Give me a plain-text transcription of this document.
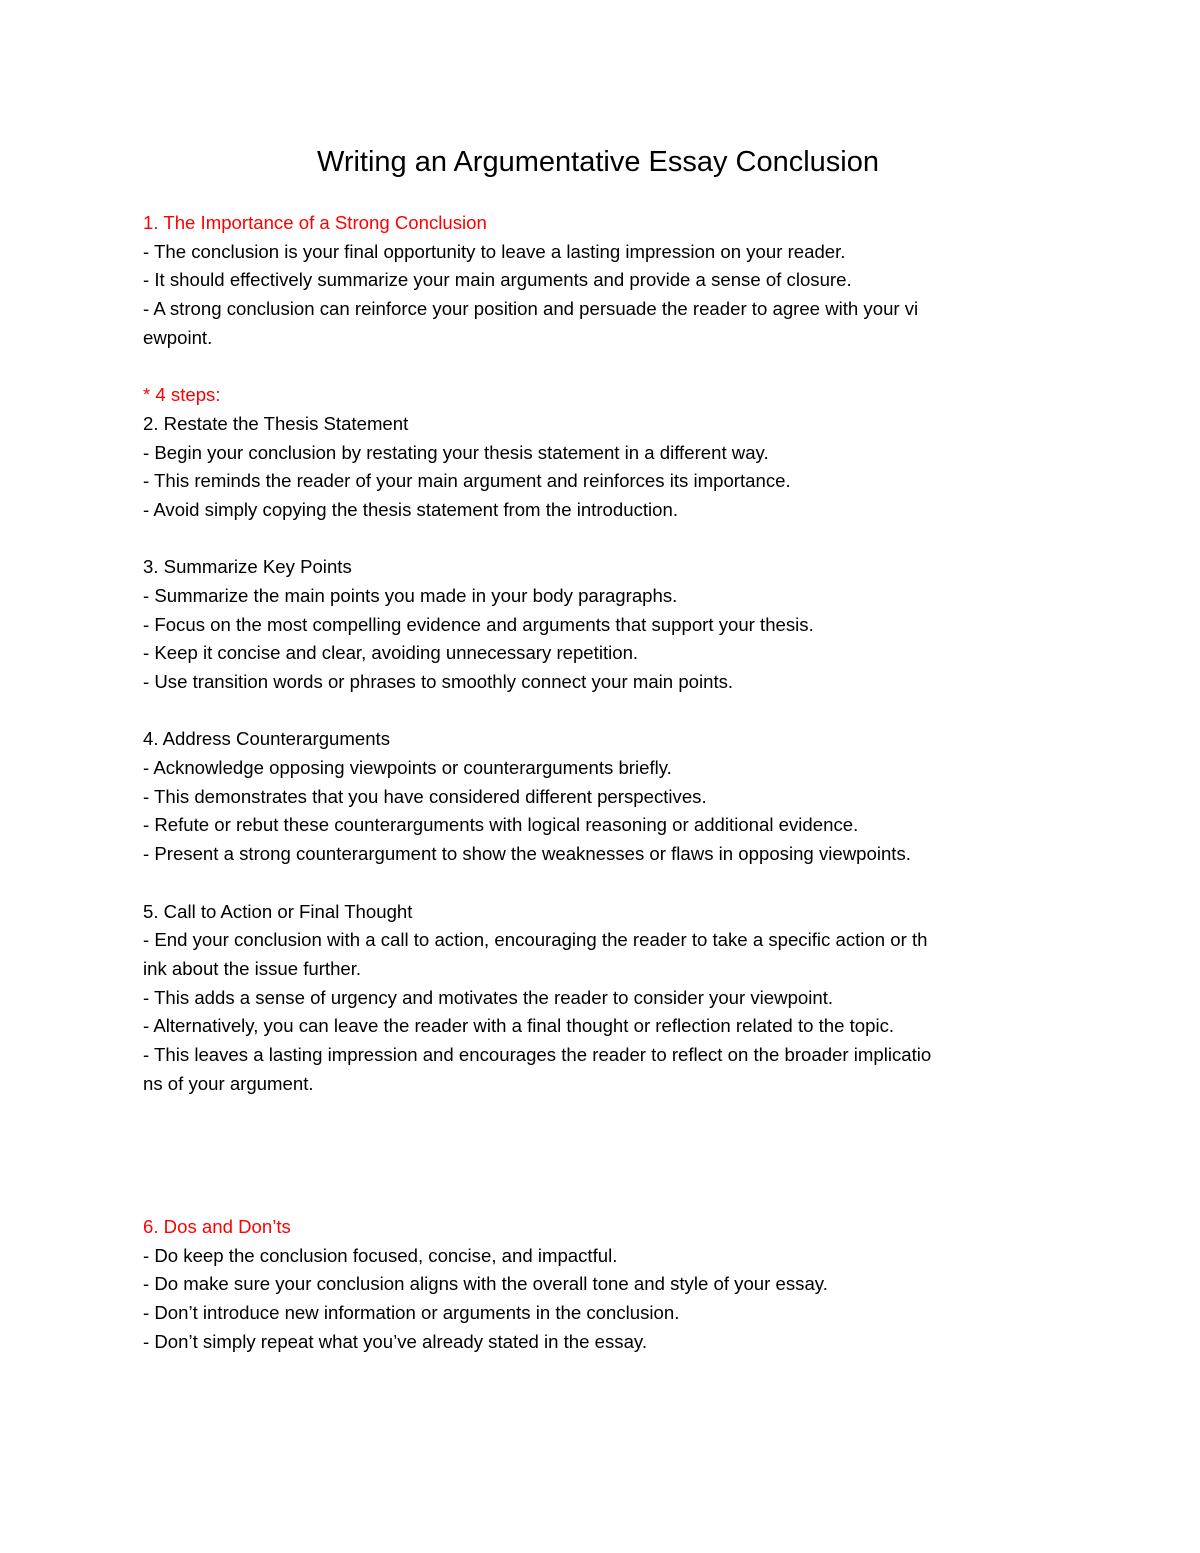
Writing an Argumentative Essay Conclusion
1. The Importance of a Strong Conclusion
- The conclusion is your final opportunity to leave a lasting impression on your reader.
- It should effectively summarize your main arguments and provide a sense of closure.
- A strong conclusion can reinforce your position and persuade the reader to agree with your vi
ewpoint.
* 4 steps:
2. Restate the Thesis Statement
- Begin your conclusion by restating your thesis statement in a different way.
- This reminds the reader of your main argument and reinforces its importance.
- Avoid simply copying the thesis statement from the introduction.
3. Summarize Key Points
- Summarize the main points you made in your body paragraphs.
- Focus on the most compelling evidence and arguments that support your thesis.
- Keep it concise and clear, avoiding unnecessary repetition.
- Use transition words or phrases to smoothly connect your main points.
4. Address Counterarguments
- Acknowledge opposing viewpoints or counterarguments briefly.
- This demonstrates that you have considered different perspectives.
- Refute or rebut these counterarguments with logical reasoning or additional evidence.
- Present a strong counterargument to show the weaknesses or flaws in opposing viewpoints.
5. Call to Action or Final Thought
- End your conclusion with a call to action, encouraging the reader to take a specific action or th
ink about the issue further.
- This adds a sense of urgency and motivates the reader to consider your viewpoint.
- Alternatively, you can leave the reader with a final thought or reflection related to the topic.
- This leaves a lasting impression and encourages the reader to reflect on the broader implicatio
ns of your argument.
6. Dos and Don’ts
- Do keep the conclusion focused, concise, and impactful.
- Do make sure your conclusion aligns with the overall tone and style of your essay.
- Don’t introduce new information or arguments in the conclusion.
- Don’t simply repeat what you’ve already stated in the essay.
